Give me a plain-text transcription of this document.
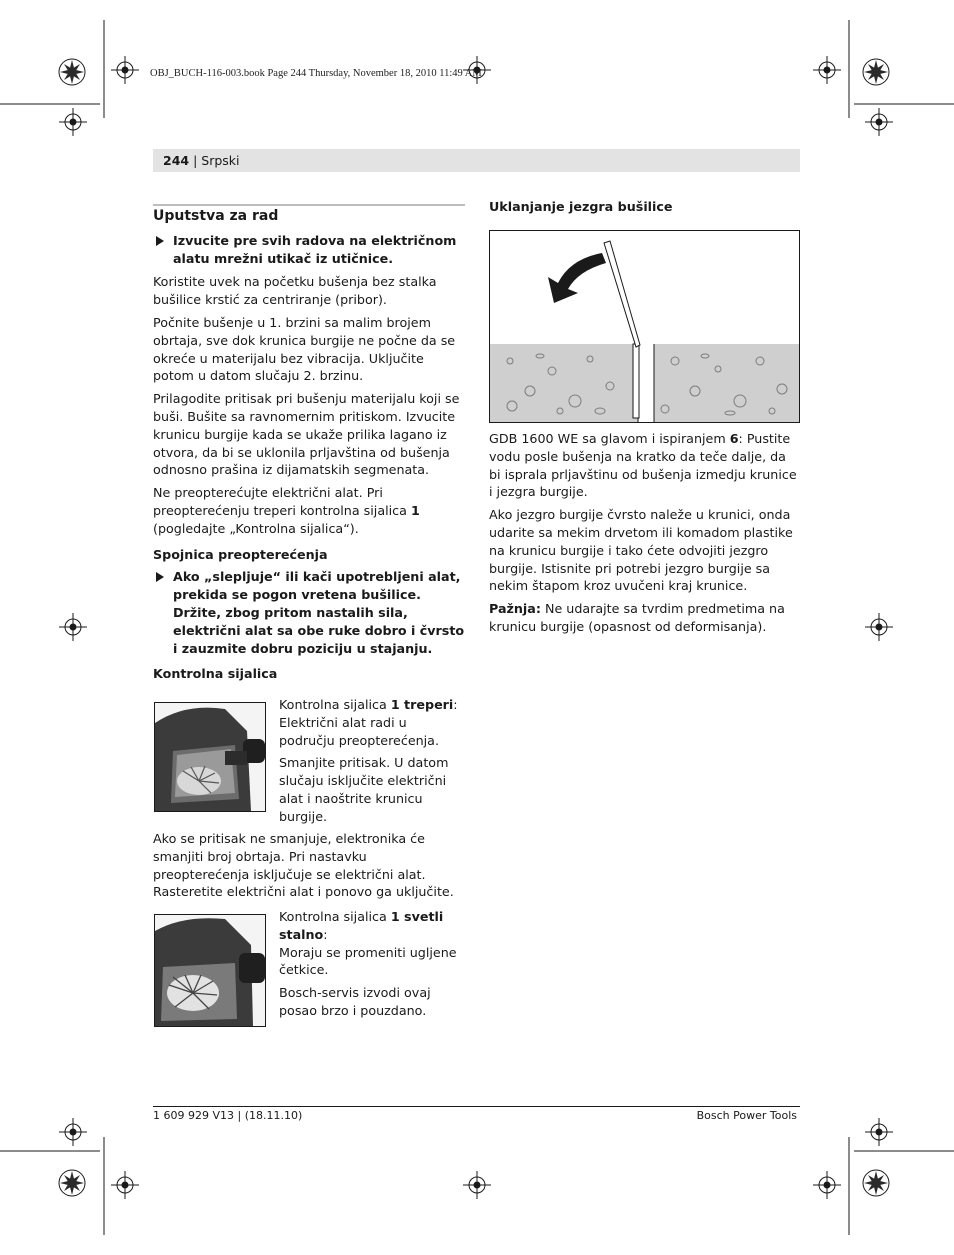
OBJ_BUCH-116-003.book Page 244 Thursday, November 18, 2010 11:49 AM
244 | Srpski

Uputstva za rad

Izvucite pre svih radova na električnom alatu mrežni utikač iz utičnice.

Koristite uvek na početku bušenja bez stalka bušilice krstić za centriranje (pribor).

Počnite bušenje u 1. brzini sa malim brojem obrtaja, sve dok krunica burgije ne počne da se okreće u materijalu bez vibracija. Uključite potom u datom slučaju 2. brzinu.

Prilagodite pritisak pri bušenju materijalu koji se buši. Bušite sa ravnomernim pritiskom. Izvucite krunicu burgije kada se ukaže prilika lagano iz otvora, da bi se uklonila prljavština od bušenja odnosno prašina iz dijamatskih segmenata.

Ne preopterećujte električni alat. Pri preopterećenju treperi kontrolna sijalica 1 (pogledajte „Kontrolna sijalica“).

Spojnica preopterećenja

Ako „slepljuje“ ili kači upotrebljeni alat, prekida se pogon vretena bušilice. Držite, zbog pritom nastalih sila, električni alat sa obe ruke dobro i čvrsto i zauzmite dobru poziciju u stajanju.

Kontrolna sijalica

Kontrolna sijalica 1 treperi:

Električni alat radi u području preopterećenja.

Smanjite pritisak. U datom slučaju isključite električni alat i naoštrite krunicu burgije.

Ako se pritisak ne smanjuje, elektronika će smanjiti broj obrtaja. Pri nastavku preopterećenja isključuje se električni alat. Rasteretite električni alat i ponovo ga uključite.

Kontrolna sijalica 1 svetli stalno:

Moraju se promeniti ugljene četkice.

Bosch-servis izvodi ovaj posao brzo i pouzdano.

Uklanjanje jezgra bušilice

GDB 1600 WE sa glavom i ispiranjem 6: Pustite vodu posle bušenja na kratko da teče dalje, da bi isprala prljavštinu od bušenja izmedju krunice i jezgra burgije.

Ako jezgro burgije čvrsto naleže u krunici, onda udarite sa mekim drvetom ili komadom plastike na krunicu burgije i tako ćete odvojiti jezgro burgije. Istisnite pri potrebi jezgro burgije sa nekim štapom kroz uvučeni kraj krunice.

Pažnja: Ne udarajte sa tvrdim predmetima na krunicu burgije (opasnost od deformisanja).

1 609 929 V13 | (18.11.10)	Bosch Power Tools
